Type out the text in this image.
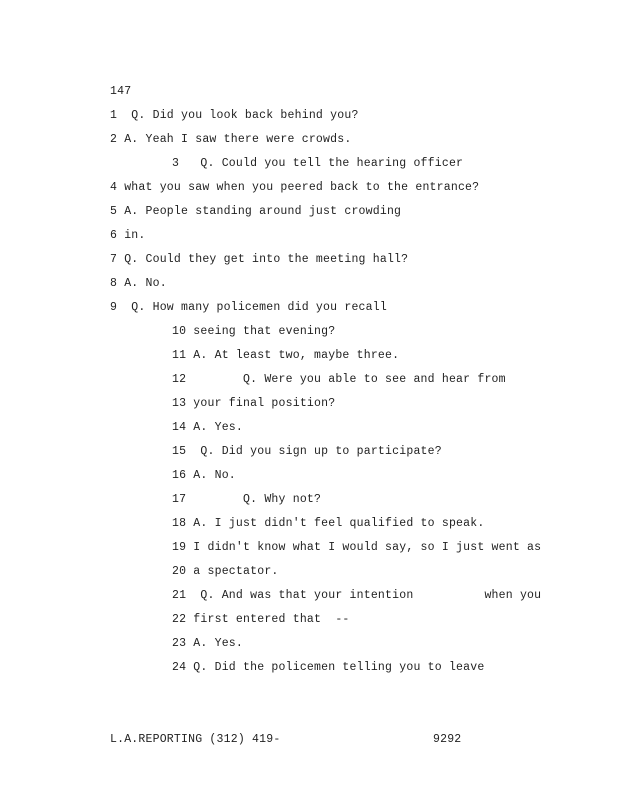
147
1  Q. Did you look back behind you?
2 A. Yeah I saw there were crowds.
3   Q. Could you tell the hearing officer
4 what you saw when you peered back to the entrance?
5 A. People standing around just crowding
6 in.
7 Q. Could they get into the meeting hall?
8 A. No.
9  Q. How many policemen did you recall
10 seeing that evening?
11 A. At least two, maybe three.
12        Q. Were you able to see and hear from
13 your final position?
14 A. Yes.
15  Q. Did you sign up to participate?
16 A. No.
17        Q. Why not?
18 A. I just didn't feel qualified to speak.
19 I didn't know what I would say, so I just went as
20 a spectator.
21  Q. And was that your intention          when you
22 first entered that  --
23 A. Yes.
24 Q. Did the policemen telling you to leave
L.A.REPORTING (312) 419-	9292
